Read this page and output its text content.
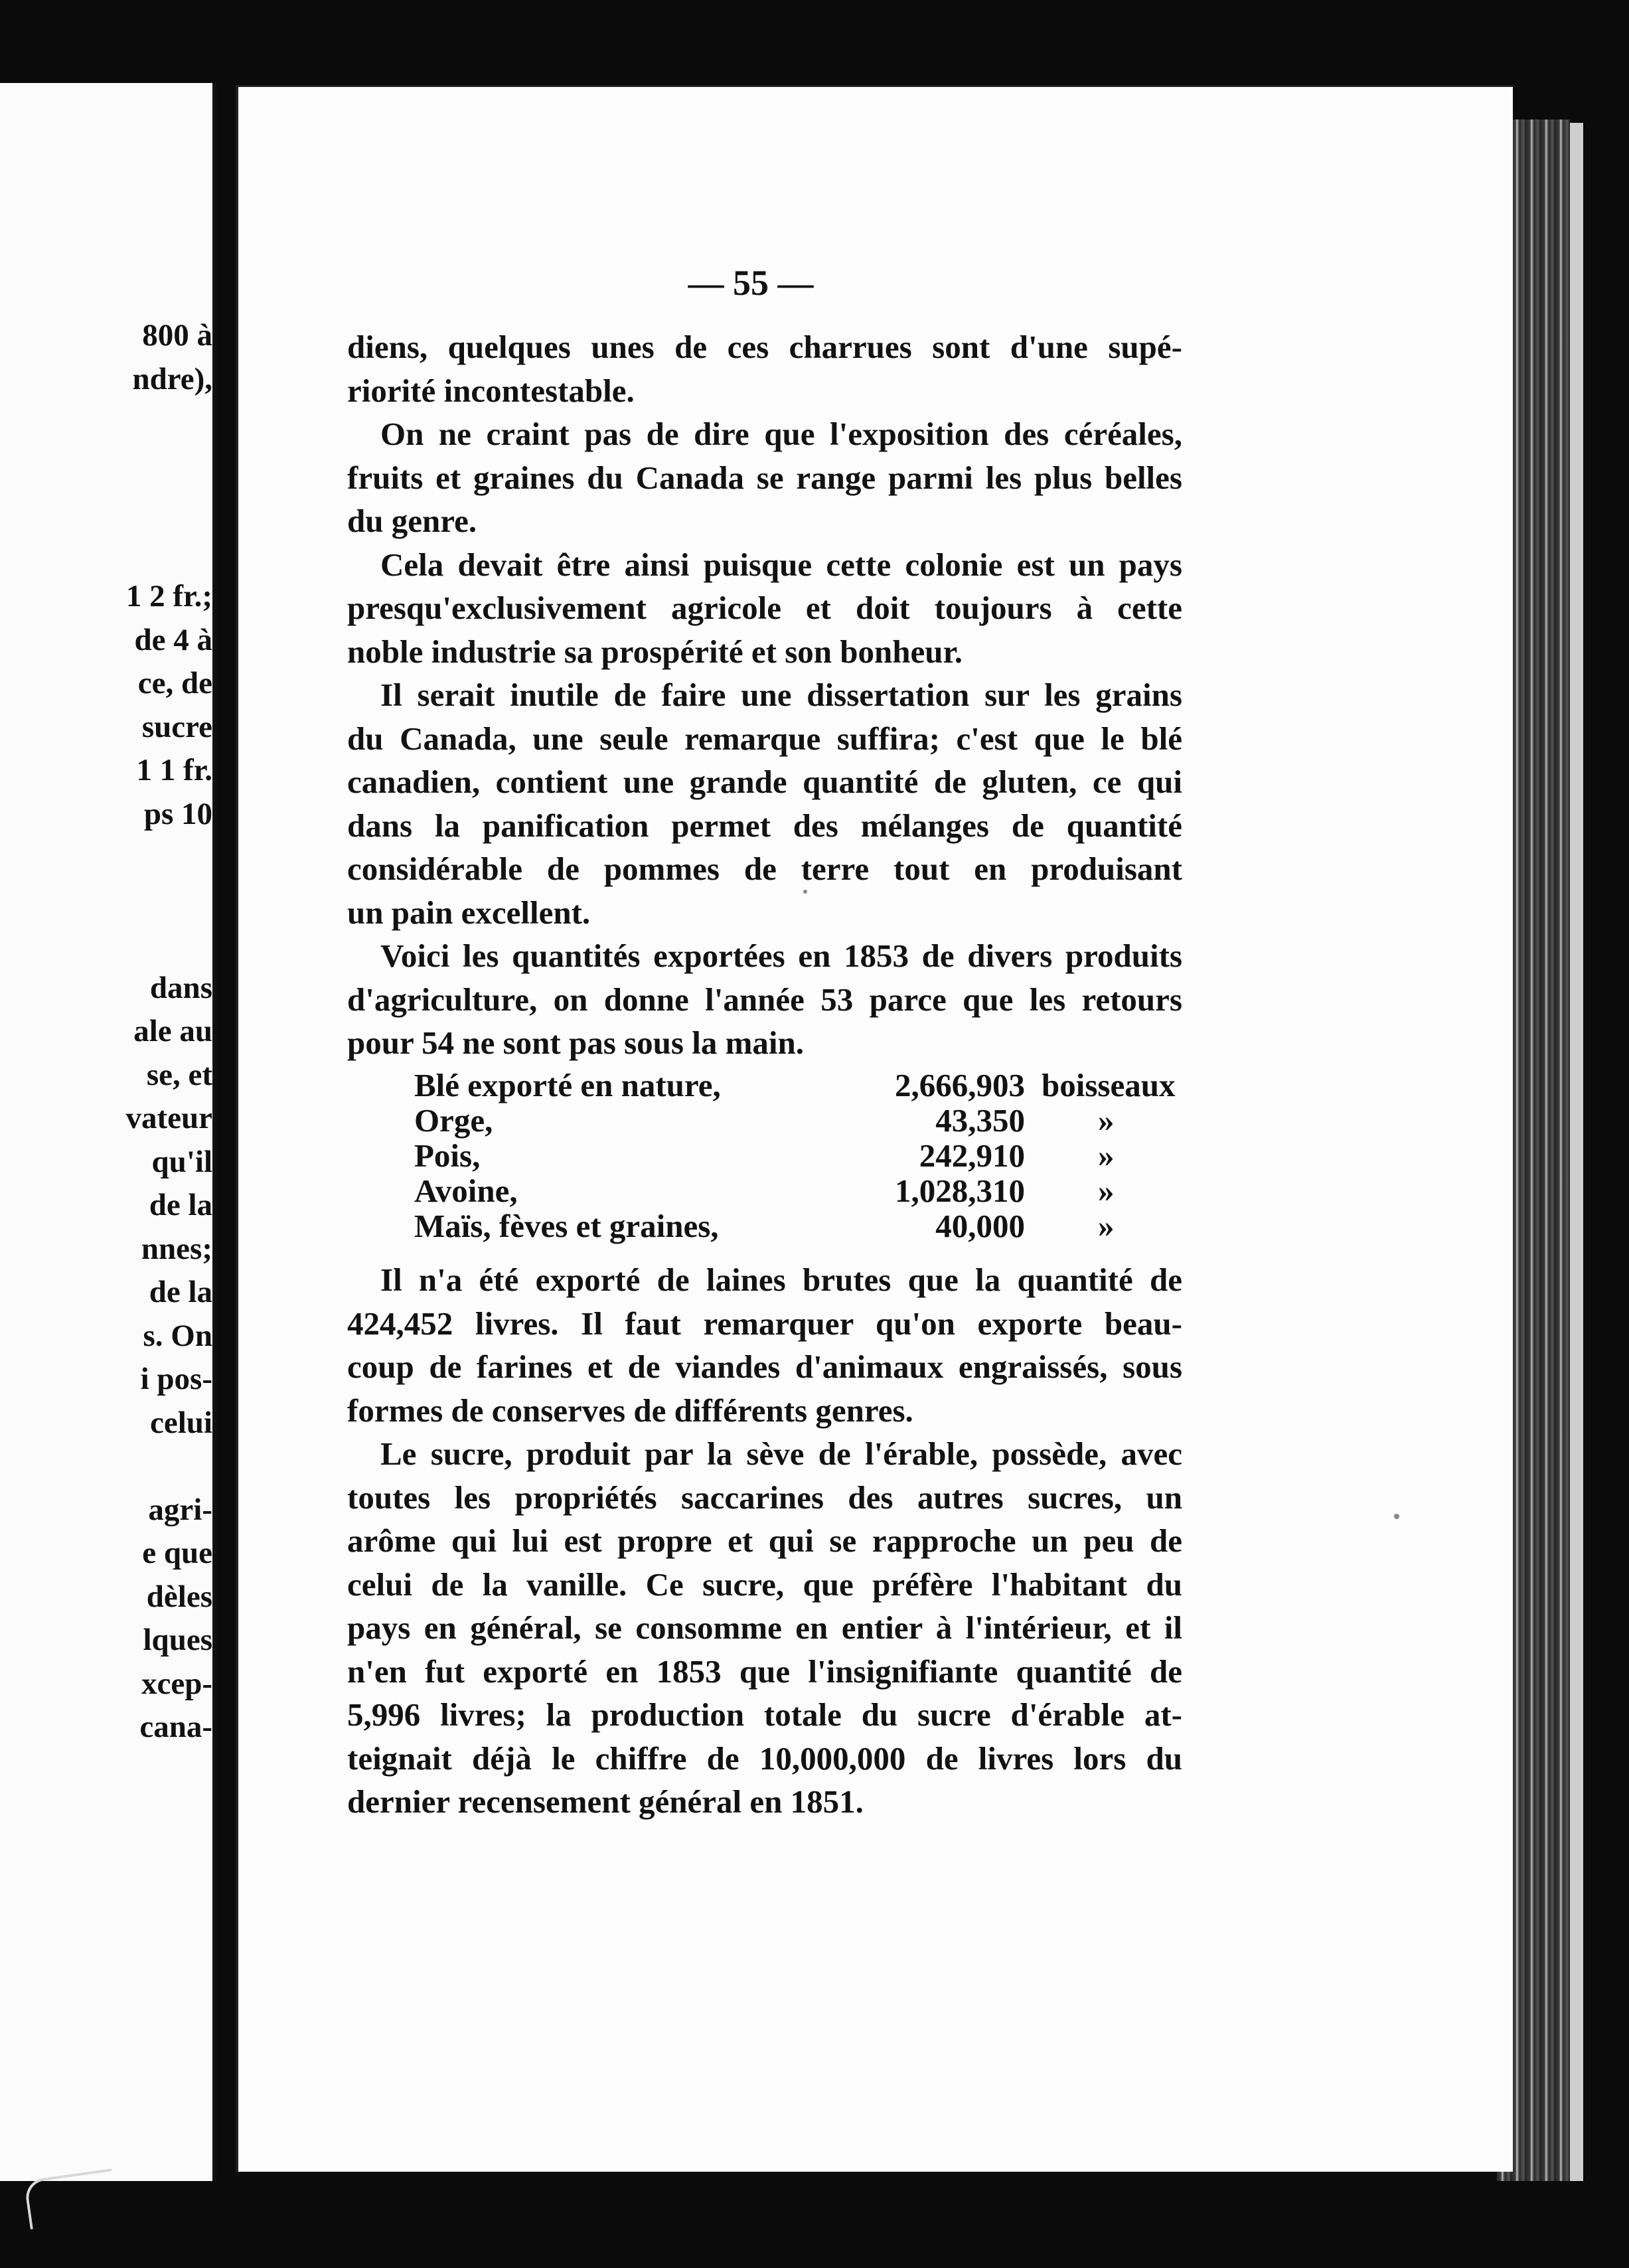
800 à
ndre),
1 2 fr.;
de 4 à
ce, de
sucre
1 1 fr.
ps 10
dans
ale au
se, et
vateur
qu'il
de la
nnes;
de la
s. On
i pos-
celui
agri-
e que
dèles
lques
xcep-
cana-
— 55 —

diens, quelques unes de ces charrues sont d'une supé-
riorité incontestable.

On ne craint pas de dire que l'exposition des céréales,
fruits et graines du Canada se range parmi les plus belles
du genre.

Cela devait être ainsi puisque cette colonie est un pays
presqu'exclusivement agricole et doit toujours à cette
noble industrie sa prospérité et son bonheur.

Il serait inutile de faire une dissertation sur les grains
du Canada, une seule remarque suffira; c'est que le blé
canadien, contient une grande quantité de gluten, ce qui
dans la panification permet des mélanges de quantité
considérable de pommes de terre tout en produisant
un pain excellent.

Voici les quantités exportées en 1853 de divers produits
d'agriculture, on donne l'année 53 parce que les retours
pour 54 ne sont pas sous la main.

Blé exporté en nature,	2,666,903 boisseaux
Orge,	43,350 »
Pois,	242,910 »
Avoine,	1,028,310 »
Maïs, fèves et graines,	40,000 »

Il n'a été exporté de laines brutes que la quantité de
424,452 livres. Il faut remarquer qu'on exporte beau-
coup de farines et de viandes d'animaux engraissés, sous
formes de conserves de différents genres.

Le sucre, produit par la sève de l'érable, possède, avec
toutes les propriétés saccarines des autres sucres, un
arôme qui lui est propre et qui se rapproche un peu de
celui de la vanille. Ce sucre, que préfère l'habitant du
pays en général, se consomme en entier à l'intérieur, et il
n'en fut exporté en 1853 que l'insignifiante quantité de
5,996 livres; la production totale du sucre d'érable at-
teignait déjà le chiffre de 10,000,000 de livres lors du
dernier recensement général en 1851.
